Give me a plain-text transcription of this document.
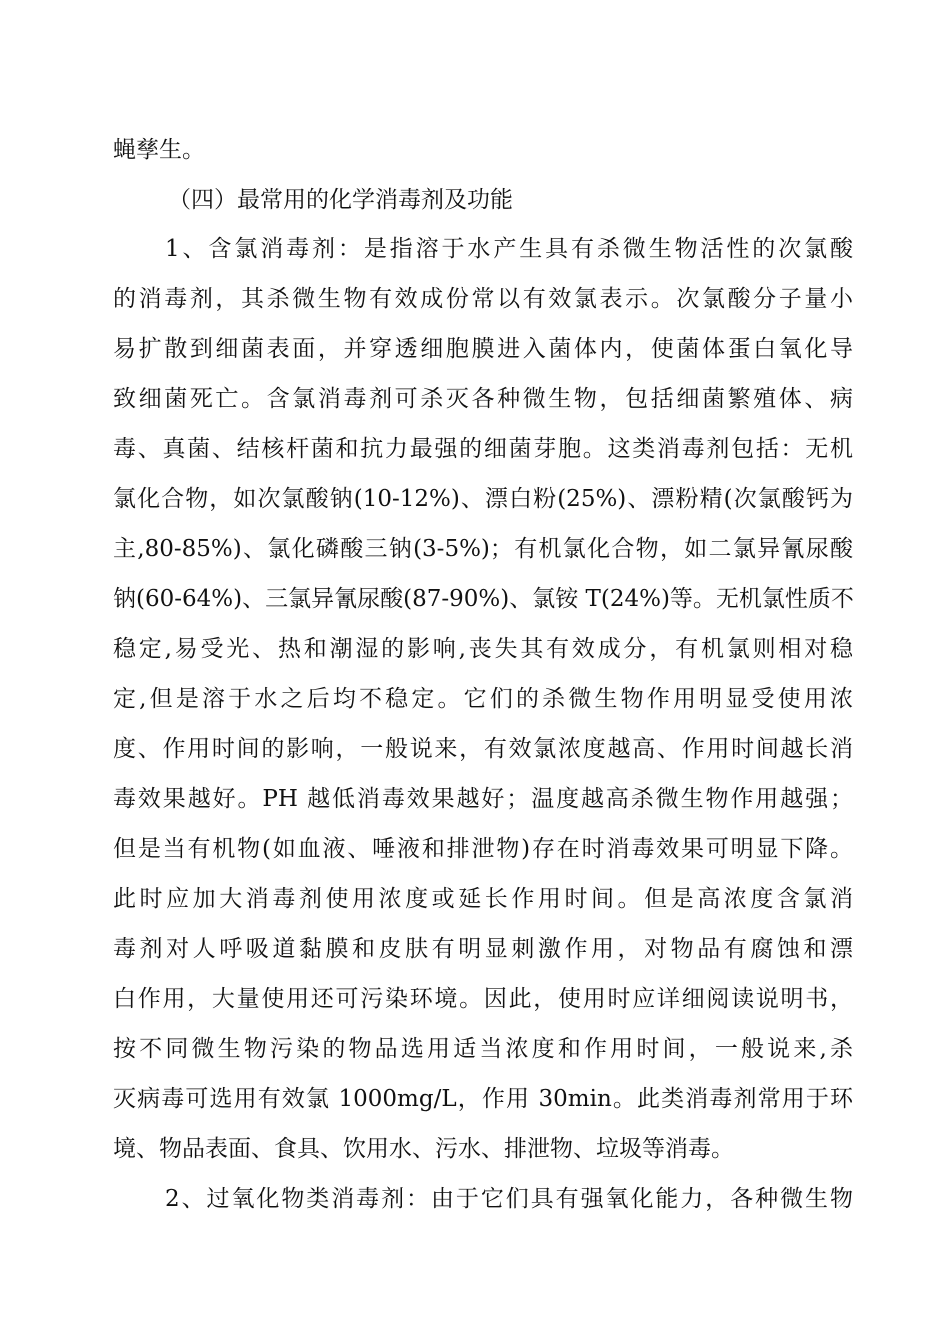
蝇孳生。
（四）最常用的化学消毒剂及功能
1、含氯消毒剂：是指溶于水产生具有杀微生物活性的次氯酸
的消毒剂，其杀微生物有效成份常以有效氯表示。次氯酸分子量小
易扩散到细菌表面，并穿透细胞膜进入菌体内，使菌体蛋白氧化导
致细菌死亡。含氯消毒剂可杀灭各种微生物，包括细菌繁殖体、病
毒、真菌、结核杆菌和抗力最强的细菌芽胞。这类消毒剂包括：无机
氯化合物，如次氯酸钠(10-12%)、漂白粉(25%)、漂粉精(次氯酸钙为
主,80-85%)、氯化磷酸三钠(3-5%)；有机氯化合物，如二氯异氰尿酸
钠(60-64%)、三氯异氰尿酸(87-90%)、氯铵 T(24%)等。无机氯性质不
稳定,易受光、热和潮湿的影响,丧失其有效成分，有机氯则相对稳
定,但是溶于水之后均不稳定。它们的杀微生物作用明显受使用浓
度、作用时间的影响，一般说来，有效氯浓度越高、作用时间越长消
毒效果越好。PH 越低消毒效果越好；温度越高杀微生物作用越强；
但是当有机物(如血液、唾液和排泄物)存在时消毒效果可明显下降。
此时应加大消毒剂使用浓度或延长作用时间。但是高浓度含氯消
毒剂对人呼吸道黏膜和皮肤有明显刺激作用，对物品有腐蚀和漂
白作用，大量使用还可污染环境。因此，使用时应详细阅读说明书，
按不同微生物污染的物品选用适当浓度和作用时间，一般说来,杀
灭病毒可选用有效氯 1000mg/L，作用 30min。此类消毒剂常用于环
境、物品表面、食具、饮用水、污水、排泄物、垃圾等消毒。
2、过氧化物类消毒剂：由于它们具有强氧化能力，各种微生物
